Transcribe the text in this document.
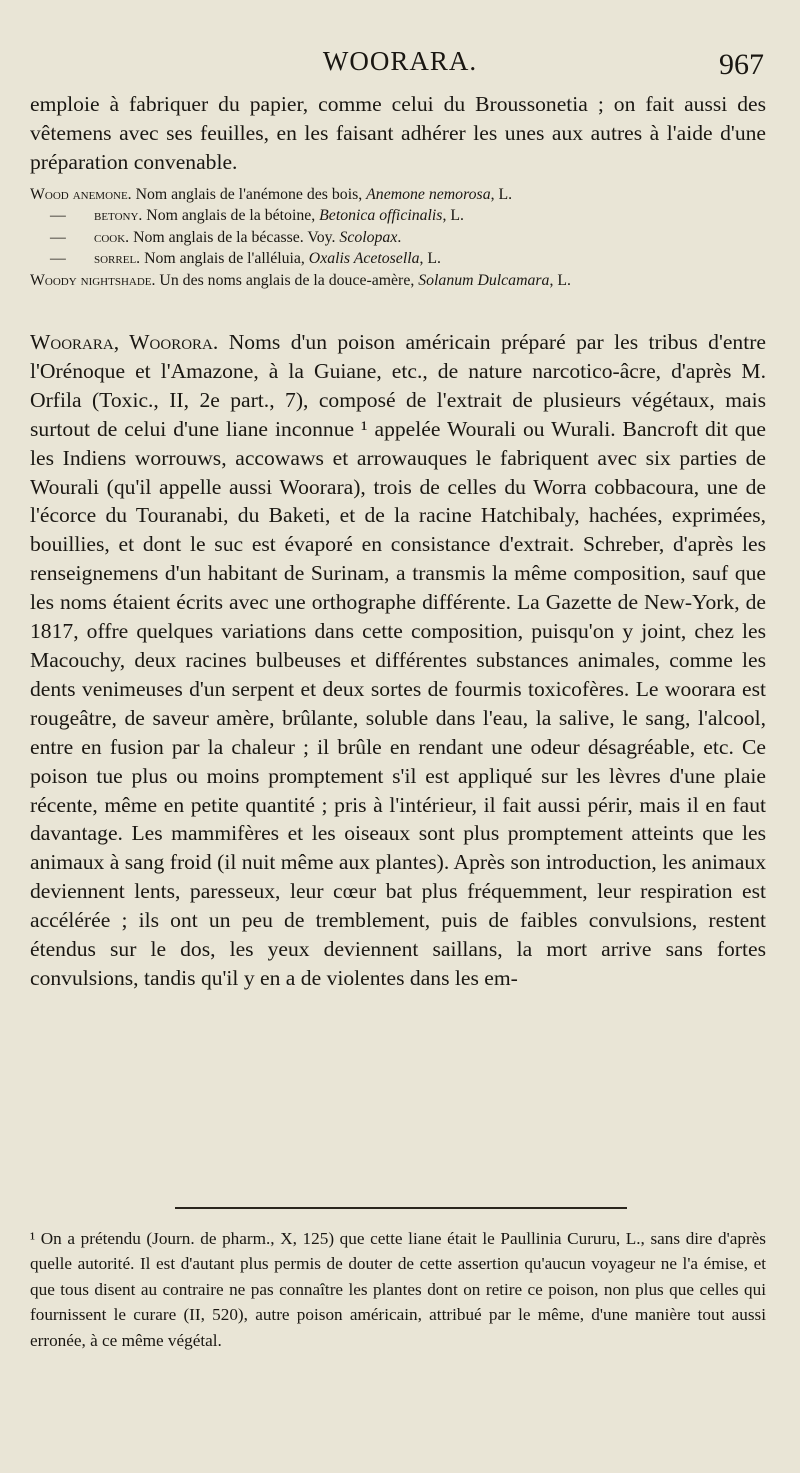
WOORARA.	967

emploie à fabriquer du papier, comme celui du Broussonetia ; on fait aussi des vêtemens avec ses feuilles, en les faisant adhérer les unes aux autres à l'aide d'une préparation convenable.

Wood anemone. Nom anglais de l'anémone des bois, Anemone nemorosa, L.

— betony. Nom anglais de la bétoine, Betonica officinalis, L.

— cook. Nom anglais de la bécasse. Voy. Scolopax.

— sorrel. Nom anglais de l'alléluia, Oxalis Acetosella, L.

Woody nightshade. Un des noms anglais de la douce-amère, Solanum Dulcamara, L.

Woorara, Woorora. Noms d'un poison américain préparé par les tribus d'entre l'Orénoque et l'Amazone, à la Guiane, etc., de nature narcotico-âcre, d'après M. Orfila (Toxic., II, 2e part., 7), composé de l'extrait de plusieurs végétaux, mais surtout de celui d'une liane inconnue ¹ appelée Wourali ou Wurali. Bancroft dit que les Indiens worrouws, accowaws et arrowauques le fabriquent avec six parties de Wourali (qu'il appelle aussi Woorara), trois de celles du Worra cobbacoura, une de l'écorce du Touranabi, du Baketi, et de la racine Hatchibaly, hachées, exprimées, bouillies, et dont le suc est évaporé en consistance d'extrait. Schreber, d'après les renseignemens d'un habitant de Surinam, a transmis la même composition, sauf que les noms étaient écrits avec une orthographe différente. La Gazette de New-York, de 1817, offre quelques variations dans cette composition, puisqu'on y joint, chez les Macouchy, deux racines bulbeuses et différentes substances animales, comme les dents venimeuses d'un serpent et deux sortes de fourmis toxicofères. Le woorara est rougeâtre, de saveur amère, brûlante, soluble dans l'eau, la salive, le sang, l'alcool, entre en fusion par la chaleur ; il brûle en rendant une odeur désagréable, etc. Ce poison tue plus ou moins promptement s'il est appliqué sur les lèvres d'une plaie récente, même en petite quantité ; pris à l'intérieur, il fait aussi périr, mais il en faut davantage. Les mammifères et les oiseaux sont plus promptement atteints que les animaux à sang froid (il nuit même aux plantes). Après son introduction, les animaux deviennent lents, paresseux, leur cœur bat plus fréquemment, leur respiration est accélérée ; ils ont un peu de tremblement, puis de faibles convulsions, restent étendus sur le dos, les yeux deviennent saillans, la mort arrive sans fortes convulsions, tandis qu'il y en a de violentes dans les em-

¹ On a prétendu (Journ. de pharm., X, 125) que cette liane était le Paullinia Cururu, L., sans dire d'après quelle autorité. Il est d'autant plus permis de douter de cette assertion qu'aucun voyageur ne l'a émise, et que tous disent au contraire ne pas connaître les plantes dont on retire ce poison, non plus que celles qui fournissent le curare (II, 520), autre poison américain, attribué par le même, d'une manière tout aussi erronée, à ce même végétal.
